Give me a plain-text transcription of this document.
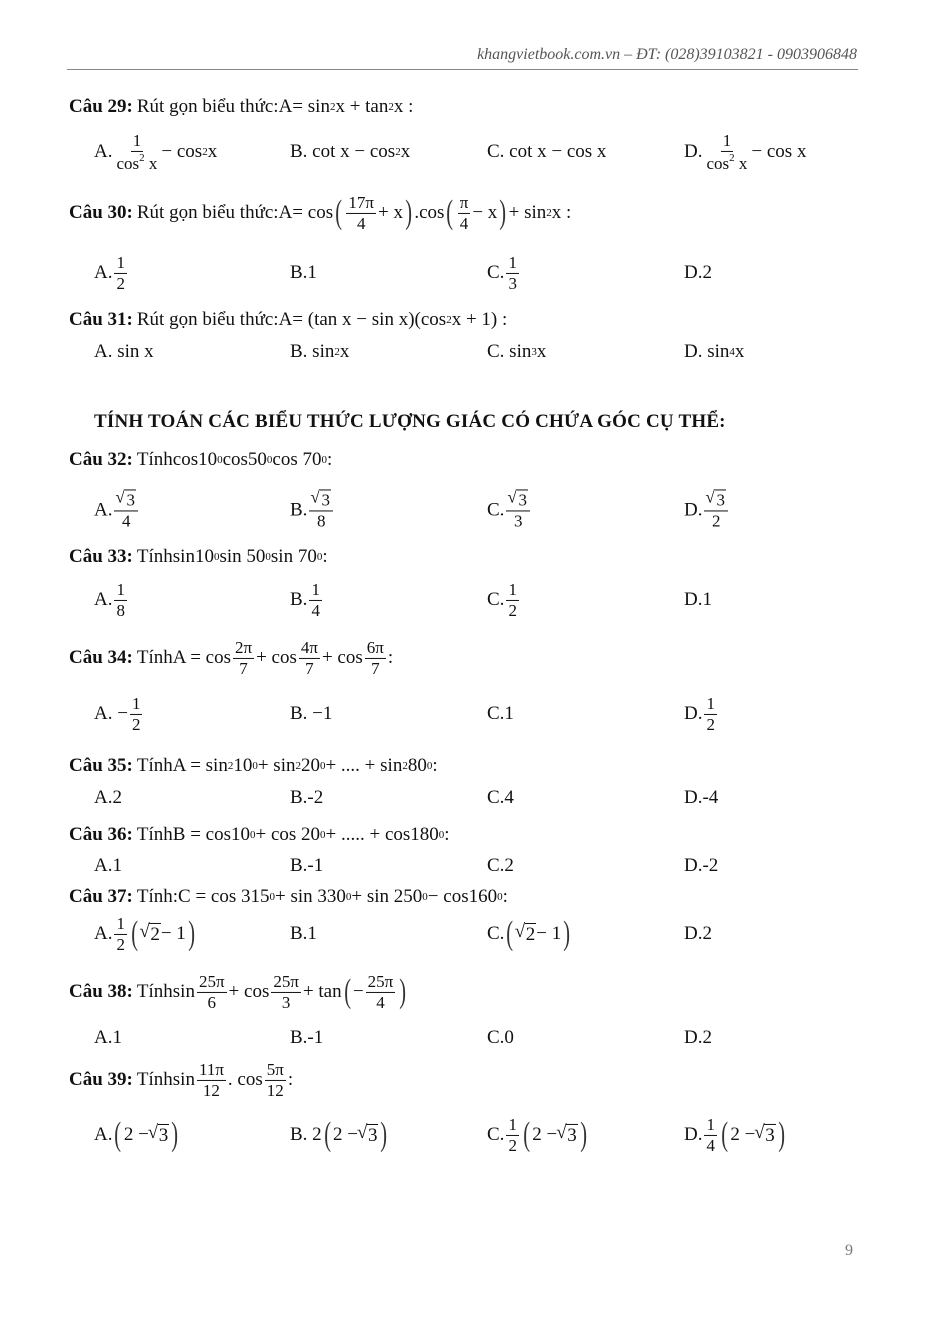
khangvietbook.com.vn – ĐT: (028)39103821 - 0903906848
TÍNH TOÁN CÁC BIỂU THỨC LƯỢNG GIÁC CÓ CHỨA GÓC CỤ THỂ:
Câu 29: Rút gọn biểu thức: A= sin 2 x + tan 2 x :
A. $\frac{1}{\cos^2 x} - \cos 2$ x	B. cot x − cos 2 x	C. cot x − cos x	D. $\frac{1}{\cos^2 x} - \cos x$
Câu 30: Rút gọn biểu thức: A= cos ( $\frac{17\pi}{4} + x$ ) .cos ( $\frac{\pi}{4} - x$ ) + sin 2 x :
A. $\frac{1}{2}$	B.1	C. $\frac{1}{3}$	D.2
Câu 31: Rút gọn biểu thức: A= (tan x − sin x)(cos 2 x + 1) :
A. sin x	B. sin 2 x	C. sin 3 x	D. sin 4 x
Câu 32: Tính cos10 0 cos50 0 cos 70 0 :
A. √ $\frac{3}{4}$	B. √ $\frac{3}{8}$	C. √ $\frac{3}{3}$	D. √ $\frac{3}{2}$
Câu 33: Tính sin10 0 sin 50 0 sin 70 0 :
A. $\frac{1}{8}$	B. $\frac{1}{4}$	C. $\frac{1}{2}$	D.1
Câu 34: Tính $A = \cos \frac{2\pi}{7} + \cos \frac{4\pi}{7} + \cos \frac{6\pi}{7}$ :
A. − $\frac{1}{2}$	B. −1	C.1	D. $\frac{1}{2}$
Câu 35: Tính A = sin 2 10 0 + sin 2 20 0 + .... + sin 2 80 0 :
A.2	B.-2	C.4	D.-4
Câu 36: Tính B = cos10 0 + cos 20 0 + ..... + cos180 0 :
A.1	B.-1	C.2	D.-2
Câu 37: Tính: C = cos 315 0 + sin 330 0 + sin 250 0 − cos160 0 :
A. $\frac{1}{2}$ ( √ 2 − 1 )	B.1	C. ( √ 2 − 1 )	D.2
Câu 38: Tính $\sin \frac{25\pi}{6} + \cos \frac{25\pi}{3} + \tan$ ( − $\frac{25\pi}{4}$ )
A.1	B.-1	C.0	D.2
Câu 39: Tính $\sin \frac{11\pi}{12}$ . $\cos \frac{5\pi}{12}$ :
A. ( 2 − √ 3 )	B. 2 ( 2 − √ 3 )	C. $\frac{1}{2}$ ( 2 − √ 3 )	D. $\frac{1}{4}$ ( 2 − √ 3 )
9
